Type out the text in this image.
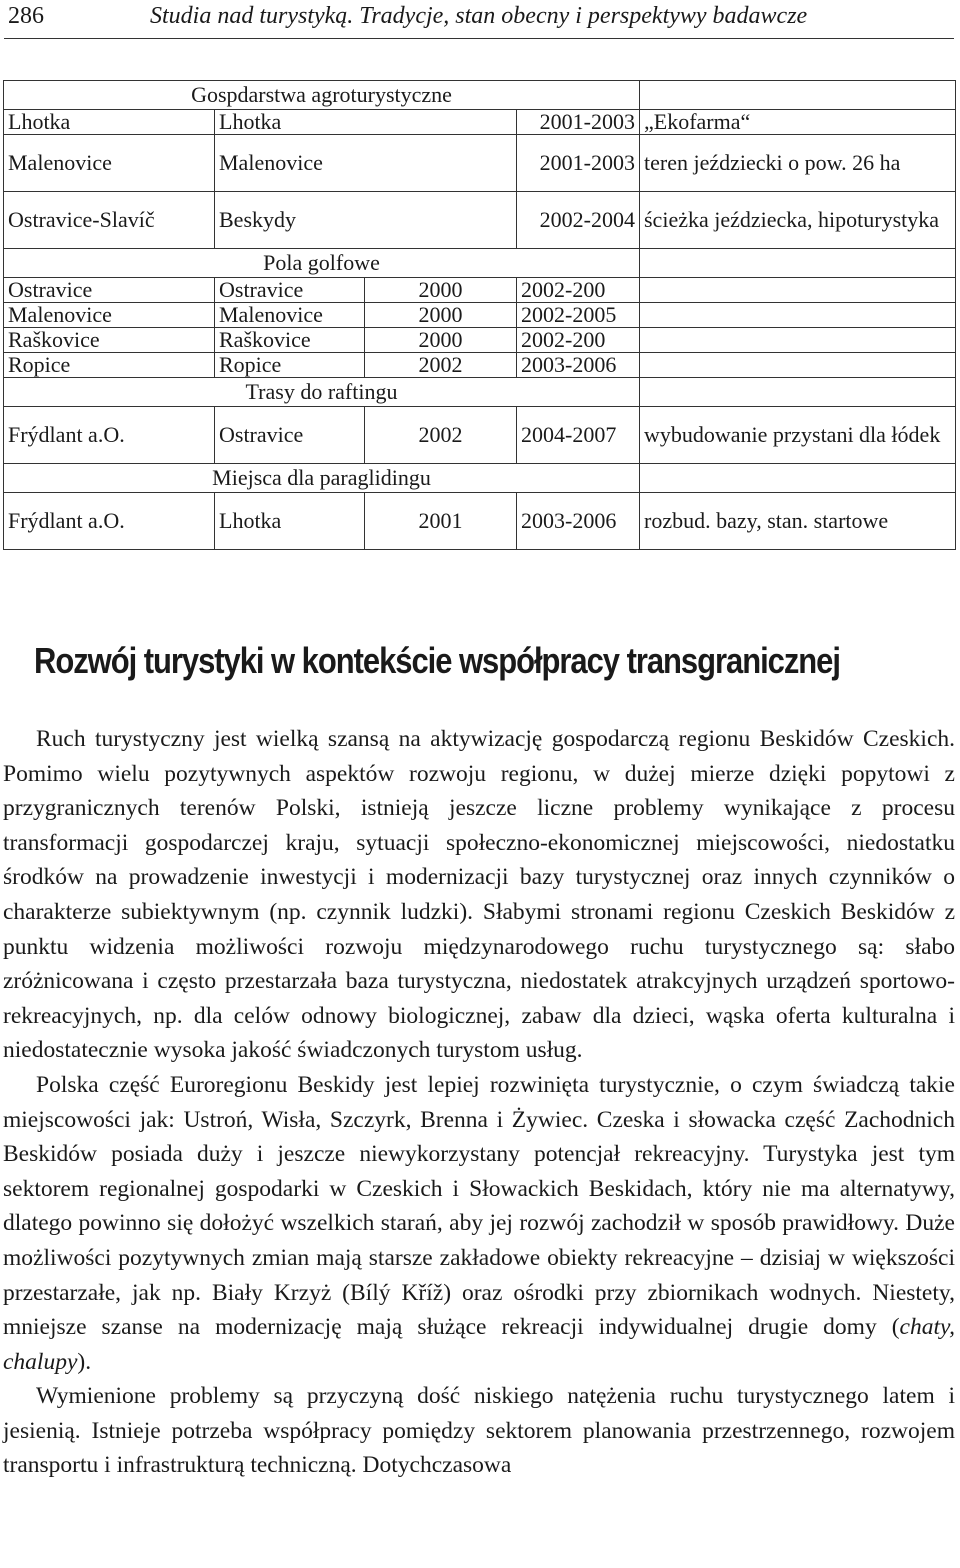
286	Studia nad turystyką. Tradycje, stan obecny i perspektywy badawcze
Gospdarstwa agroturystyczne				
Lhotka	Lhotka		2001-2003	„Ekofarma“
Malenovice	Malenovice		2001-2003	teren jeździecki o pow. 26 ha
Ostravice-Slavíč	Beskydy		2002-2004	ścieżka jeździecka, hipoturystyka
Pola golfowe				
Ostravice	Ostravice	2000	2002-200	
Malenovice	Malenovice	2000	2002-2005	
Raškovice	Raškovice	2000	2002-200	
Ropice	Ropice	2002	2003-2006	
Trasy do raftingu				
Frýdlant a.O.	Ostravice	2002	2004-2007	wybudowanie przystani dla łódek
Miejsca dla paraglidingu				
Frýdlant a.O.	Lhotka	2001	2003-2006	rozbud. bazy, stan. startowe
Rozwój turystyki w kontekście współpracy transgranicznej

Ruch turystyczny jest wielką szansą na aktywizację gospodarczą regionu Beskidów Czeskich. Pomimo wielu pozytywnych aspektów rozwoju regionu, w dużej mierze dzięki popytowi z przygranicznych terenów Polski, istnieją jeszcze liczne problemy wynikające z procesu transformacji gospodarczej kraju, sytuacji społeczno-ekonomicznej miejscowości, niedostatku środków na prowadzenie inwestycji i modernizacji bazy turystycznej oraz innych czynników o charakterze subiektywnym (np. czynnik ludzki). Słabymi stronami regionu Czeskich Beskidów z punktu widzenia możliwości rozwoju międzynarodowego ruchu turystycznego są: słabo zróżnicowana i często przestarzała baza turystyczna, niedostatek atrakcyjnych urządzeń sportowo-rekreacyjnych, np. dla celów odnowy biologicznej, zabaw dla dzieci, wąska oferta kulturalna i niedostatecznie wysoka jakość świadczonych turystom usług.

Polska część Euroregionu Beskidy jest lepiej rozwinięta turystycznie, o czym świadczą takie miejscowości jak: Ustroń, Wisła, Szczyrk, Brenna i Żywiec. Czeska i słowacka część Zachodnich Beskidów posiada duży i jeszcze niewykorzystany potencjał rekreacyjny. Turystyka jest tym sektorem regionalnej gospodarki w Czeskich i Słowackich Beskidach, który nie ma alternatywy, dlatego powinno się dołożyć wszelkich starań, aby jej rozwój zachodził w sposób prawidłowy. Duże możliwości pozytywnych zmian mają starsze zakładowe obiekty rekreacyjne – dzisiaj w większości przestarzałe, jak np. Biały Krzyż (Bílý Kříž) oraz ośrodki przy zbiornikach wodnych. Niestety, mniejsze szanse na modernizację mają służące rekreacji indywidualnej drugie domy (chaty, chalupy).

Wymienione problemy są przyczyną dość niskiego natężenia ruchu turystycznego latem i jesienią. Istnieje potrzeba współpracy pomiędzy sektorem planowania przestrzennego, rozwojem transportu i infrastrukturą techniczną. Dotychczasowa
